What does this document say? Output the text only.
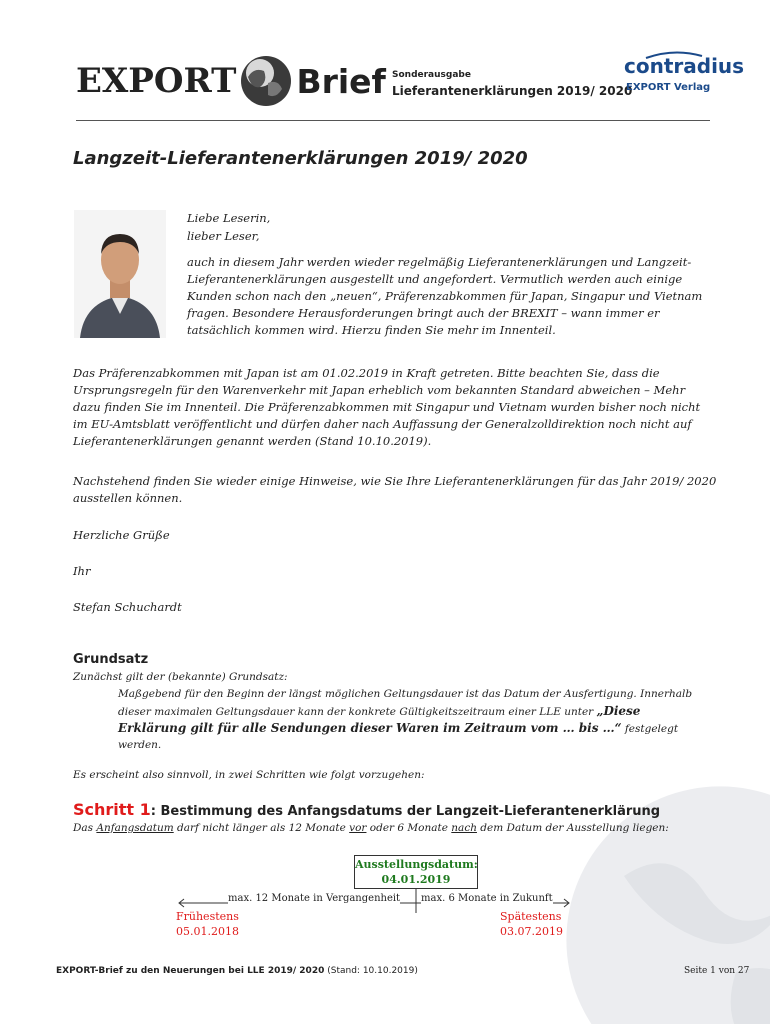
EXPORT Brief Sonderausgabe
Lieferantenerklärungen 2019/ 2020
contradius
EXPORT Verlag
Langzeit-Lieferantenerklärungen 2019/ 2020
Liebe Leserin,
lieber Leser,
auch in diesem Jahr werden wieder regelmäßig Lieferantenerklärungen und Langzeit-
Lieferantenerklärungen ausgestellt und angefordert. Vermutlich werden auch einige
Kunden schon nach den „neuen“, Präferenzabkommen für Japan, Singapur und Vietnam
fragen. Besondere Herausforderungen bringt auch der BREXIT – wann immer er
tatsächlich kommen wird. Hierzu finden Sie mehr im Innenteil.
Das Präferenzabkommen mit Japan ist am 01.02.2019 in Kraft getreten. Bitte beachten Sie, dass die
Ursprungsregeln für den Warenverkehr mit Japan erheblich vom bekannten Standard abweichen – Mehr
dazu finden Sie im Innenteil. Die Präferenzabkommen mit Singapur und Vietnam wurden bisher noch nicht
im EU-Amtsblatt veröffentlicht und dürfen daher nach Auffassung der Generalzolldirektion noch nicht auf
Lieferantenerklärungen genannt werden (Stand 10.10.2019).
Nachstehend finden Sie wieder einige Hinweise, wie Sie Ihre Lieferantenerklärungen für das Jahr 2019/ 2020
ausstellen können.
Herzliche Grüße
Ihr
Stefan Schuchardt
Grundsatz
Zunächst gilt der (bekannte) Grundsatz:
Maßgebend für den Beginn der längst möglichen Geltungsdauer ist das Datum der Ausfertigung. Innerhalb
dieser maximalen Geltungsdauer kann der konkrete Gültigkeitszeitraum einer LLE unter „Diese
Erklärung gilt für alle Sendungen dieser Waren im Zeitraum vom … bis …“ festgelegt
werden.
Es erscheint also sinnvoll, in zwei Schritten wie folgt vorzugehen:
Schritt 1: Bestimmung des Anfangsdatums der Langzeit-Lieferantenerklärung
Das Anfangsdatum darf nicht länger als 12 Monate vor oder 6 Monate nach dem Datum der Ausstellung liegen:
Ausstellungsdatum:
04.01.2019
max. 12 Monate in Vergangenheit max. 6 Monate in Zukunft
Frühestens
05.01.2018
Spätestens
03.07.2019
EXPORT-Brief zu den Neuerungen bei LLE 2019/ 2020 (Stand: 10.10.2019)	Seite 1 von 27
